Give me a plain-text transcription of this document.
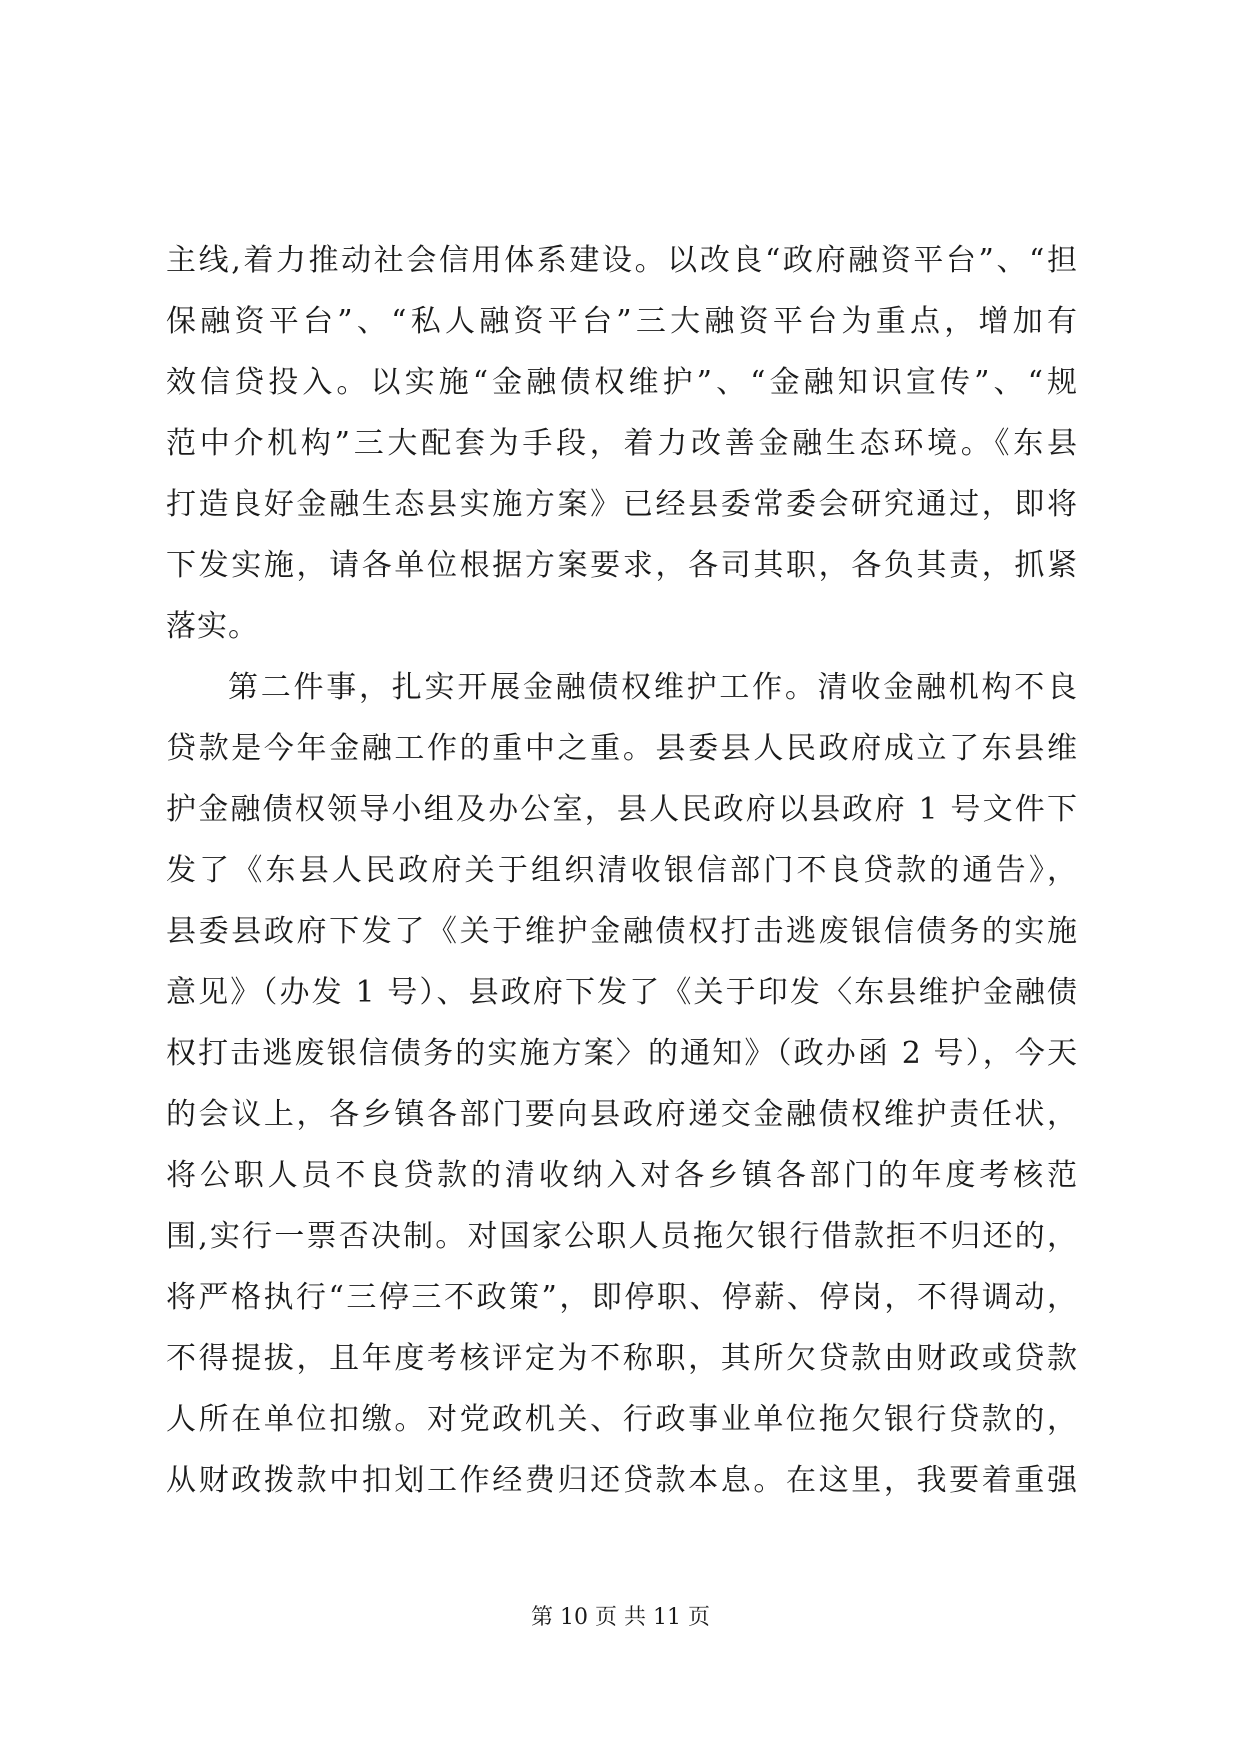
主线,着力推动社会信用体系建设。以改良“政府融资平台”、“担
保融资平台”、“私人融资平台”三大融资平台为重点，增加有
效信贷投入。以实施“金融债权维护”、“金融知识宣传”、“规
范中介机构”三大配套为手段，着力改善金融生态环境。《东县
打造良好金融生态县实施方案》已经县委常委会研究通过，即将
下发实施，请各单位根据方案要求，各司其职，各负其责，抓紧
落实。
第二件事，扎实开展金融债权维护工作。清收金融机构不良
贷款是今年金融工作的重中之重。县委县人民政府成立了东县维
护金融债权领导小组及办公室，县人民政府以县政府 1 号文件下
发了《东县人民政府关于组织清收银信部门不良贷款的通告》，
县委县政府下发了《关于维护金融债权打击逃废银信债务的实施
意见》（办发 1 号）、县政府下发了《关于印发〈东县维护金融债
权打击逃废银信债务的实施方案〉的通知》（政办函 2 号），今天
的会议上，各乡镇各部门要向县政府递交金融债权维护责任状，
将公职人员不良贷款的清收纳入对各乡镇各部门的年度考核范
围,实行一票否决制。对国家公职人员拖欠银行借款拒不归还的，
将严格执行“三停三不政策”，即停职、停薪、停岗，不得调动，
不得提拔，且年度考核评定为不称职，其所欠贷款由财政或贷款
人所在单位扣缴。对党政机关、行政事业单位拖欠银行贷款的，
从财政拨款中扣划工作经费归还贷款本息。在这里，我要着重强
第 10 页 共 11 页
